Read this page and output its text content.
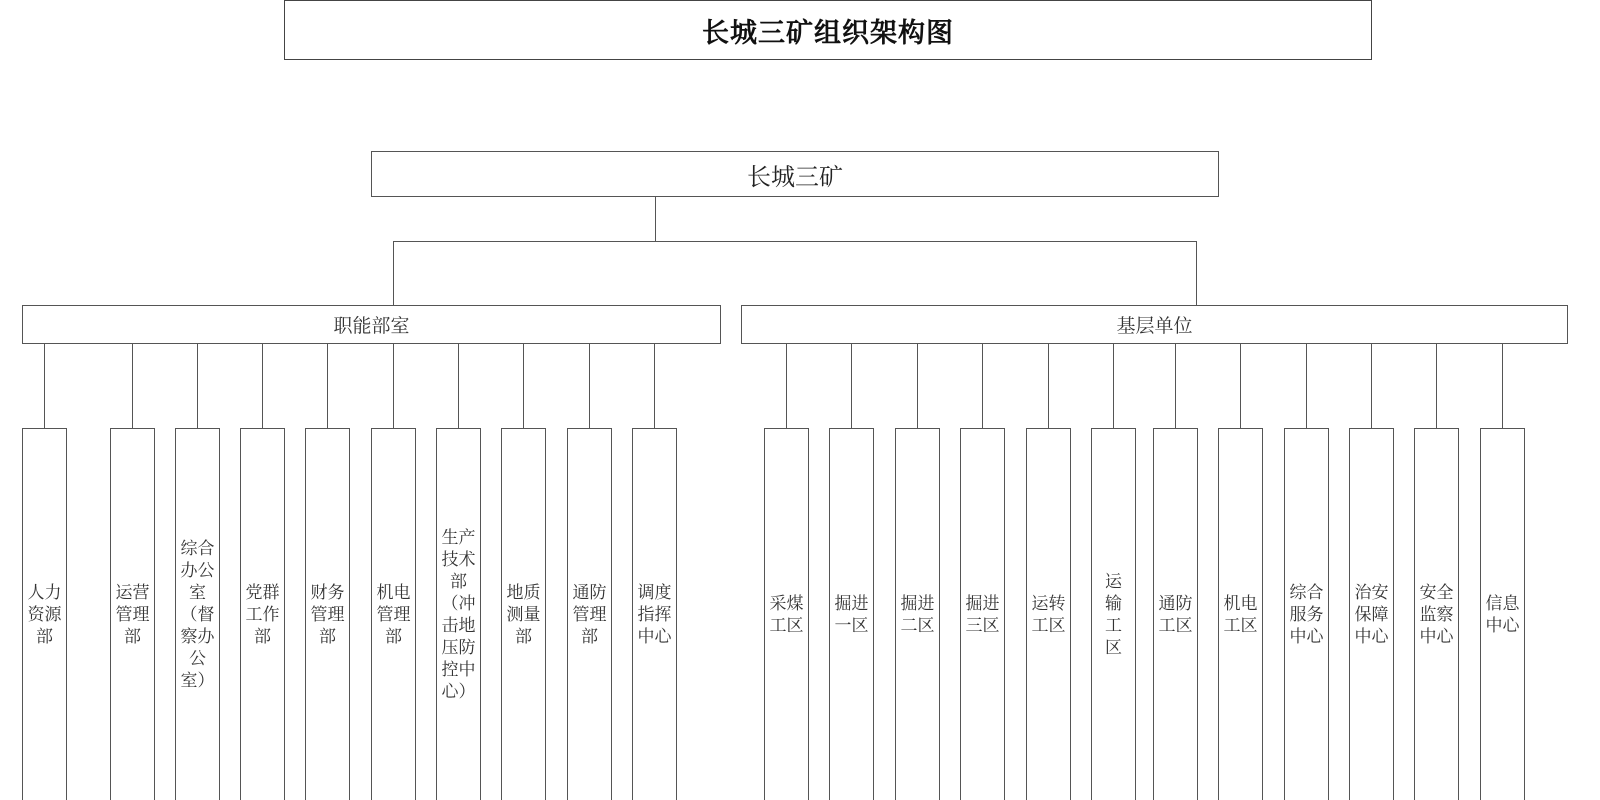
长城三矿组织架构图
长城三矿
职能部室	基层单位
人力
资源
部
运营
管理
部
综合
办公
室
（督
察办
公
室）
党群
工作
部
财务
管理
部
机电
管理
部
生产
技术
部
（冲
击地
压防
控中
心）
地质
测量
部
通防
管理
部
调度
指挥
中心
采煤
工区
掘进
一区
掘进
二区
掘进
三区
运转
工区
运
输
工
区
通防
工区
机电
工区
综合
服务
中心
治安
保障
中心
安全
监察
中心
信息
中心
